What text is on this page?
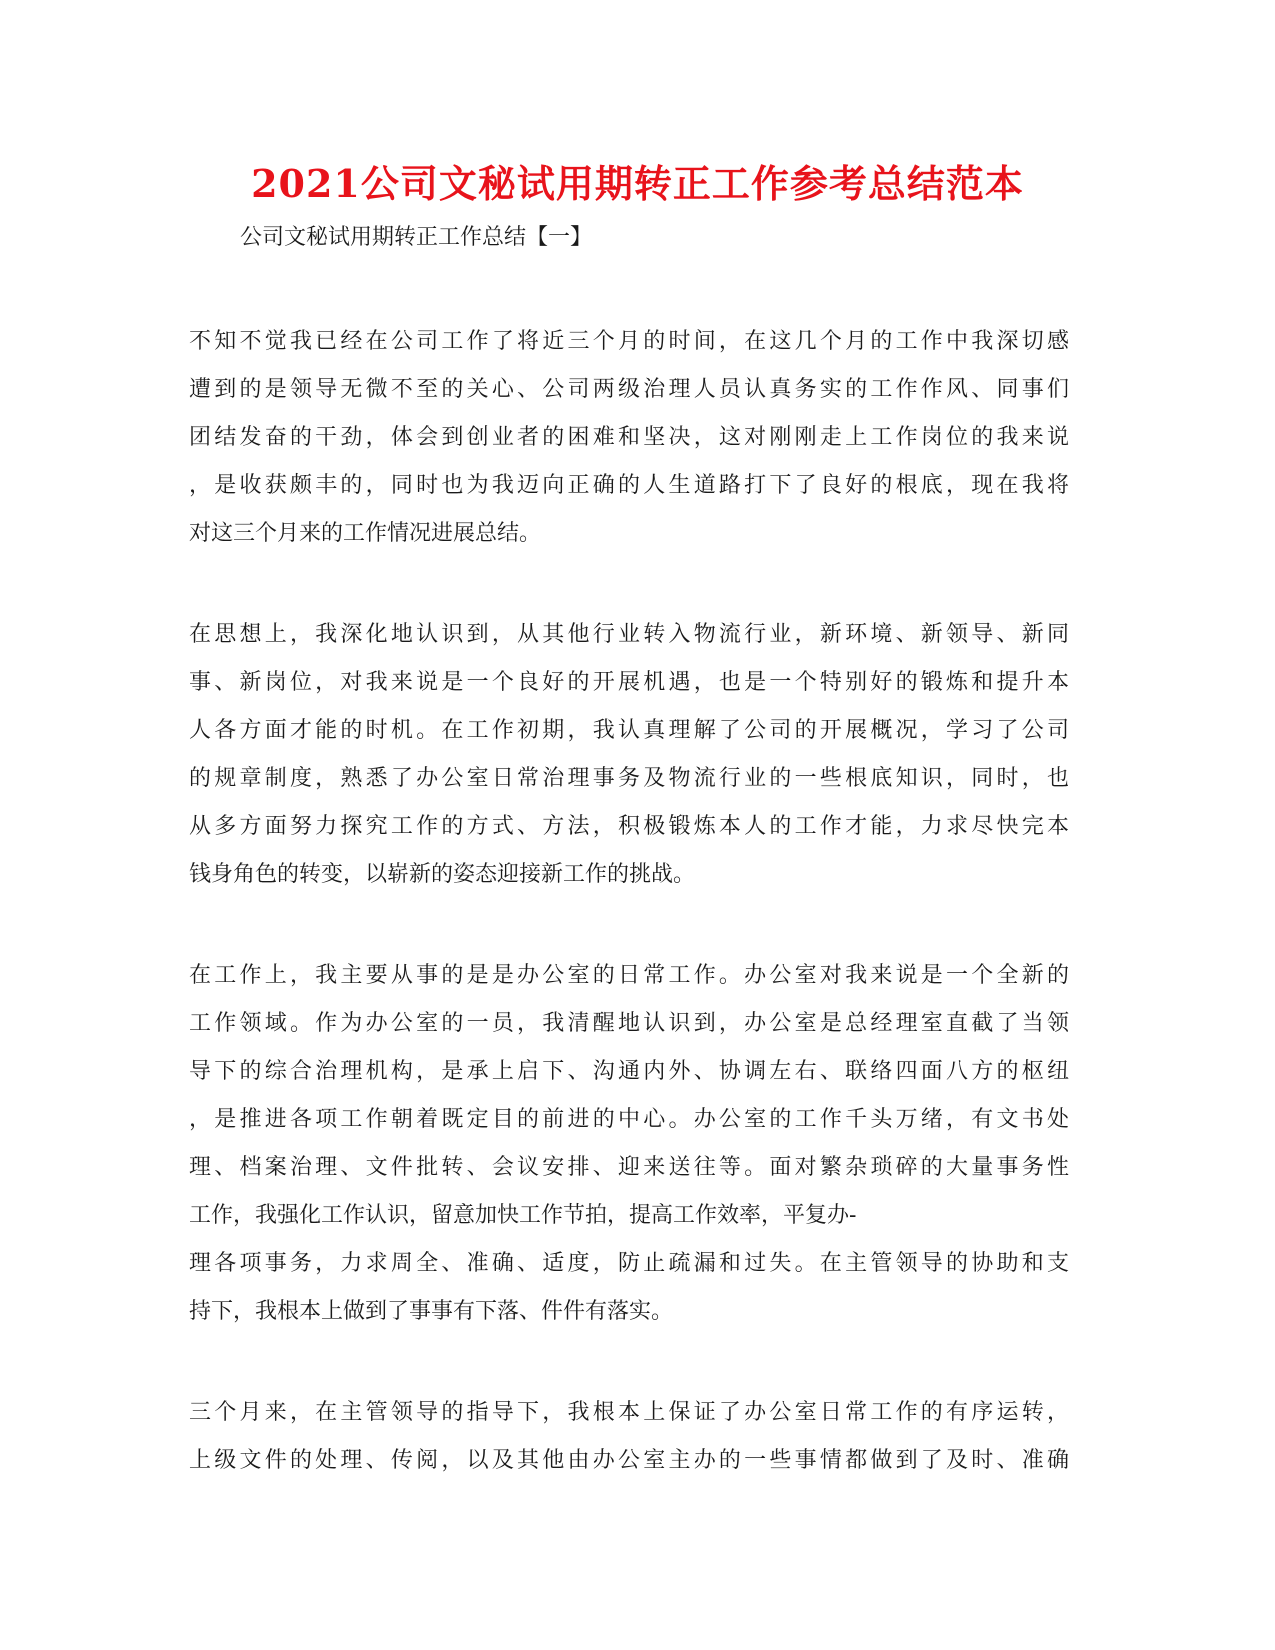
2021公司文秘试用期转正工作参考总结范本

公司文秘试用期转正工作总结【一】

不知不觉我已经在公司工作了将近三个月的时间，在这几个月的工作中我深切感

遭到的是领导无微不至的关心、公司两级治理人员认真务实的工作作风、同事们

团结发奋的干劲，体会到创业者的困难和坚决，这对刚刚走上工作岗位的我来说

，是收获颇丰的，同时也为我迈向正确的人生道路打下了良好的根底，现在我将

对这三个月来的工作情况进展总结。

在思想上，我深化地认识到，从其他行业转入物流行业，新环境、新领导、新同

事、新岗位，对我来说是一个良好的开展机遇，也是一个特别好的锻炼和提升本

人各方面才能的时机。在工作初期，我认真理解了公司的开展概况，学习了公司

的规章制度，熟悉了办公室日常治理事务及物流行业的一些根底知识，同时，也

从多方面努力探究工作的方式、方法，积极锻炼本人的工作才能，力求尽快完本

钱身角色的转变，以崭新的姿态迎接新工作的挑战。

在工作上，我主要从事的是是办公室的日常工作。办公室对我来说是一个全新的

工作领域。作为办公室的一员，我清醒地认识到，办公室是总经理室直截了当领

导下的综合治理机构，是承上启下、沟通内外、协调左右、联络四面八方的枢纽

，是推进各项工作朝着既定目的前进的中心。办公室的工作千头万绪，有文书处

理、档案治理、文件批转、会议安排、迎来送往等。面对繁杂琐碎的大量事务性

工作，我强化工作认识，留意加快工作节拍，提高工作效率，平复办-

理各项事务，力求周全、准确、适度，防止疏漏和过失。在主管领导的协助和支

持下，我根本上做到了事事有下落、件件有落实。

三个月来，在主管领导的指导下，我根本上保证了办公室日常工作的有序运转，

上级文件的处理、传阅，以及其他由办公室主办的一些事情都做到了及时、准确
